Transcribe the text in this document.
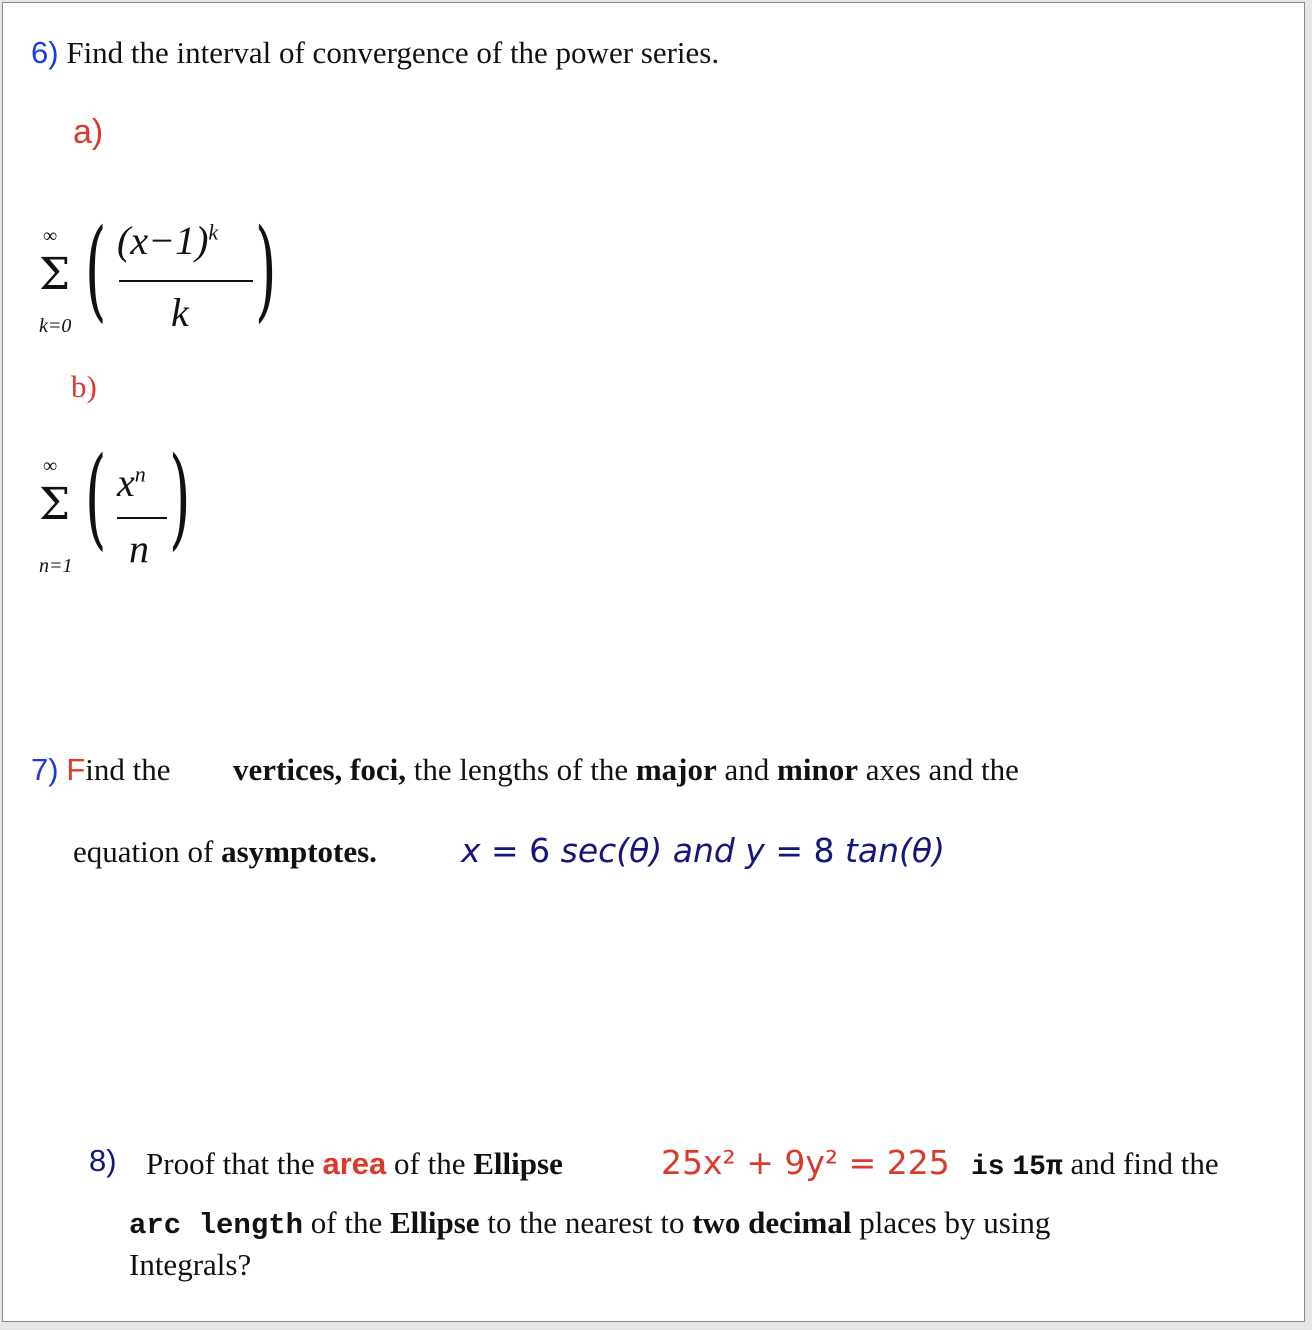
6) Find the interval of convergence of the power series.
a)
∞
Σ
k=0 ( $(x-1)^k$
k )
b)
∞
Σ
n=1
( $x^n$
n )
7) Find the vertices, foci, the lengths of the major and minor axes and the
equation of asymptotes.	x = 6 sec(θ) and y = 8 tan(θ)
8) Proof that the area of the Ellipse	25x² + 9y² = 225 is 15π and find the
arc length of the Ellipse to the nearest to two decimal places by using
Integrals?
